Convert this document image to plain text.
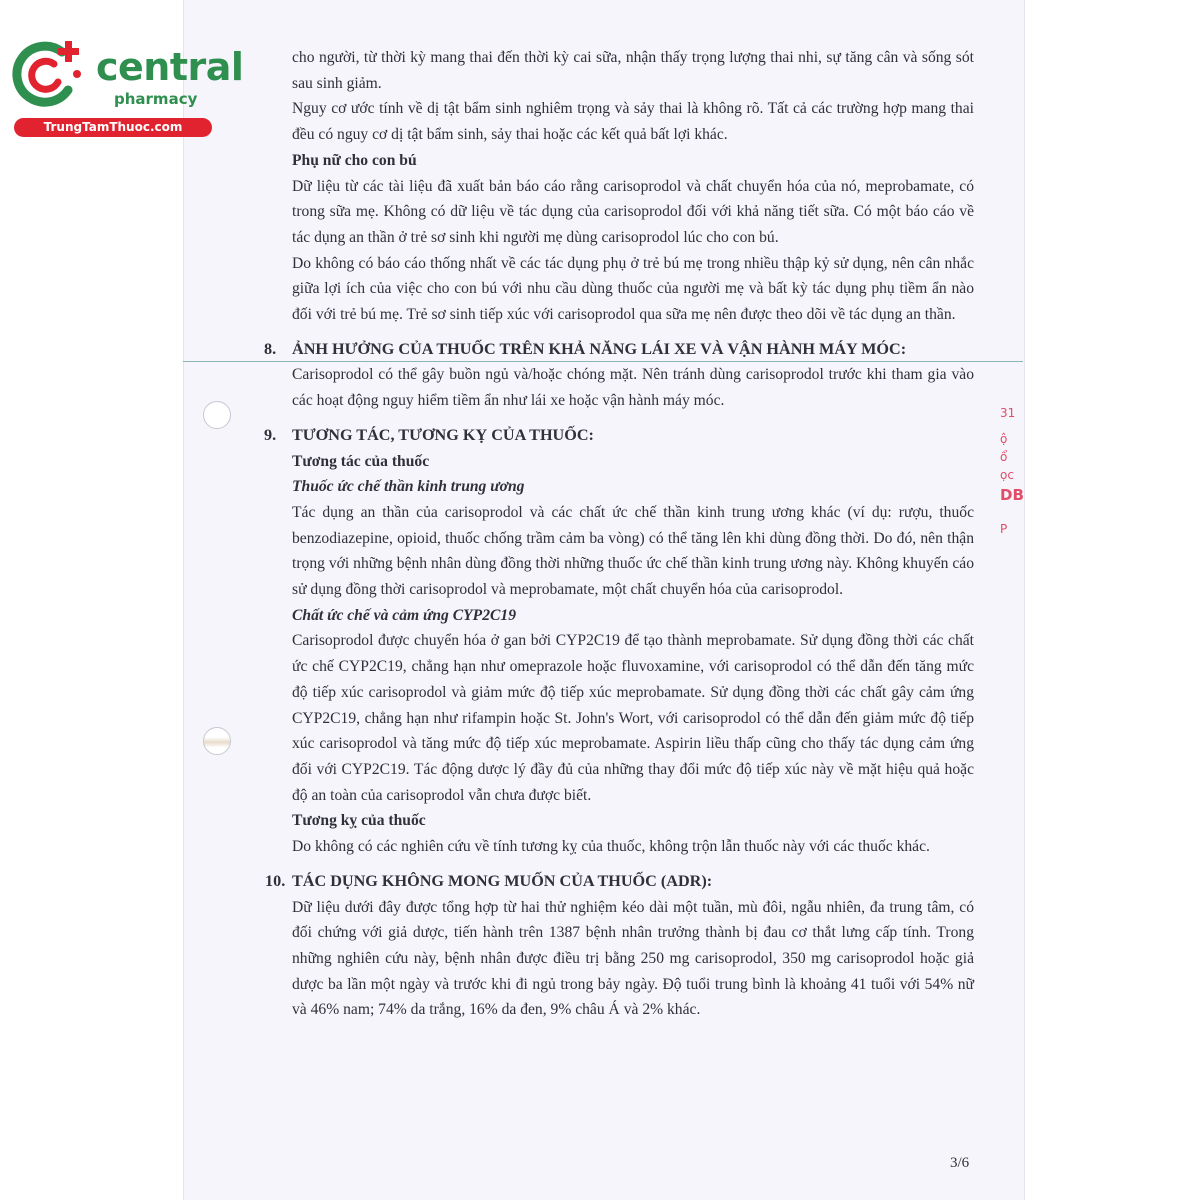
central
pharmacy
TrungTamThuoc.com
31
ộ
ổ
ọc
DB
P

cho người, từ thời kỳ mang thai đến thời kỳ cai sữa, nhận thấy trọng lượng thai nhi, sự tăng cân và sống sót sau sinh giảm.

Nguy cơ ước tính về dị tật bẩm sinh nghiêm trọng và sảy thai là không rõ. Tất cả các trường hợp mang thai đều có nguy cơ dị tật bẩm sinh, sảy thai hoặc các kết quả bất lợi khác.

Phụ nữ cho con bú

Dữ liệu từ các tài liệu đã xuất bản báo cáo rằng carisoprodol và chất chuyển hóa của nó, meprobamate, có trong sữa mẹ. Không có dữ liệu về tác dụng của carisoprodol đối với khả năng tiết sữa. Có một báo cáo về tác dụng an thần ở trẻ sơ sinh khi người mẹ dùng carisoprodol lúc cho con bú.

Do không có báo cáo thống nhất về các tác dụng phụ ở trẻ bú mẹ trong nhiều thập kỷ sử dụng, nên cân nhắc giữa lợi ích của việc cho con bú với nhu cầu dùng thuốc của người mẹ và bất kỳ tác dụng phụ tiềm ẩn nào đối với trẻ bú mẹ. Trẻ sơ sinh tiếp xúc với carisoprodol qua sữa mẹ nên được theo dõi về tác dụng an thần.

8. ẢNH HƯỞNG CỦA THUỐC TRÊN KHẢ NĂNG LÁI XE VÀ VẬN HÀNH MÁY MÓC:

Carisoprodol có thể gây buồn ngủ và/hoặc chóng mặt. Nên tránh dùng carisoprodol trước khi tham gia vào các hoạt động nguy hiểm tiềm ẩn như lái xe hoặc vận hành máy móc.

9. TƯƠNG TÁC, TƯƠNG KỴ CỦA THUỐC:
Tương tác của thuốc
Thuốc ức chế thần kinh trung ương

Tác dụng an thần của carisoprodol và các chất ức chế thần kinh trung ương khác (ví dụ: rượu, thuốc benzodiazepine, opioid, thuốc chống trầm cảm ba vòng) có thể tăng lên khi dùng đồng thời. Do đó, nên thận trọng với những bệnh nhân dùng đồng thời những thuốc ức chế thần kinh trung ương này. Không khuyến cáo sử dụng đồng thời carisoprodol và meprobamate, một chất chuyển hóa của carisoprodol.

Chất ức chế và cảm ứng CYP2C19

Carisoprodol được chuyển hóa ở gan bởi CYP2C19 để tạo thành meprobamate. Sử dụng đồng thời các chất ức chế CYP2C19, chẳng hạn như omeprazole hoặc fluvoxamine, với carisoprodol có thể dẫn đến tăng mức độ tiếp xúc carisoprodol và giảm mức độ tiếp xúc meprobamate. Sử dụng đồng thời các chất gây cảm ứng CYP2C19, chẳng hạn như rifampin hoặc St. John's Wort, với carisoprodol có thể dẫn đến giảm mức độ tiếp xúc carisoprodol và tăng mức độ tiếp xúc meprobamate. Aspirin liều thấp cũng cho thấy tác dụng cảm ứng đối với CYP2C19. Tác động dược lý đầy đủ của những thay đổi mức độ tiếp xúc này về mặt hiệu quả hoặc độ an toàn của carisoprodol vẫn chưa được biết.

Tương kỵ của thuốc

Do không có các nghiên cứu về tính tương kỵ của thuốc, không trộn lẫn thuốc này với các thuốc khác.

10. TÁC DỤNG KHÔNG MONG MUỐN CỦA THUỐC (ADR):

Dữ liệu dưới đây được tổng hợp từ hai thử nghiệm kéo dài một tuần, mù đôi, ngẫu nhiên, đa trung tâm, có đối chứng với giả dược, tiến hành trên 1387 bệnh nhân trưởng thành bị đau cơ thắt lưng cấp tính. Trong những nghiên cứu này, bệnh nhân được điều trị bằng 250 mg carisoprodol, 350 mg carisoprodol hoặc giả dược ba lần một ngày và trước khi đi ngủ trong bảy ngày. Độ tuổi trung bình là khoảng 41 tuổi với 54% nữ và 46% nam; 74% da trắng, 16% da đen, 9% châu Á và 2% khác.

3/6
